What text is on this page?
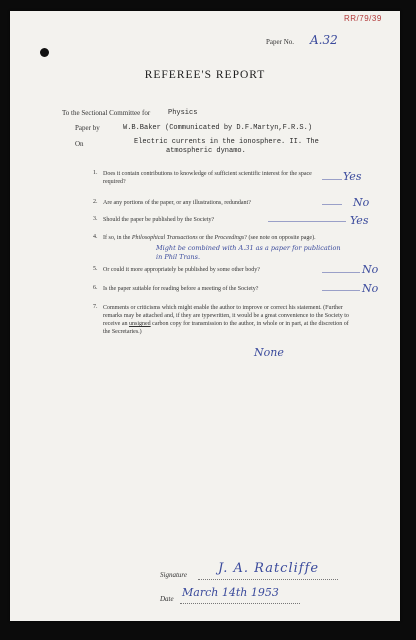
RR/79/39
Paper No. A.32
REFEREE'S REPORT
To the Sectional Committee for	Physics
Paper by	W.B.Baker (Communicated by D.F.Martyn,F.R.S.)
On	Electric currents in the ionosphere. II. The
atmospheric dynamo.
1. Does it contain contributions to knowledge of sufficient scientific interest for the space required?	Yes
2. Are any portions of the paper, or any illustrations, redundant?	No
3. Should the paper be published by the Society?	Yes
4. If so, in the Philosophical Transactions or the Proceedings? (see note on opposite page).
Might be combined with A.31 as a paper for publication in Phil Trans.
5. Or could it more appropriately be published by some other body?	No
6. Is the paper suitable for reading before a meeting of the Society?	No
7. Comments or criticisms which might enable the author to improve or correct his statement. (Further remarks may be attached and, if they are typewritten, it would be a great convenience to the Society to receive an unsigned carbon copy for transmission to the author, in whole or in part, at the discretion of the Secretaries.)
None
Signature J. A. Ratcliffe
Date March 14th 1953
